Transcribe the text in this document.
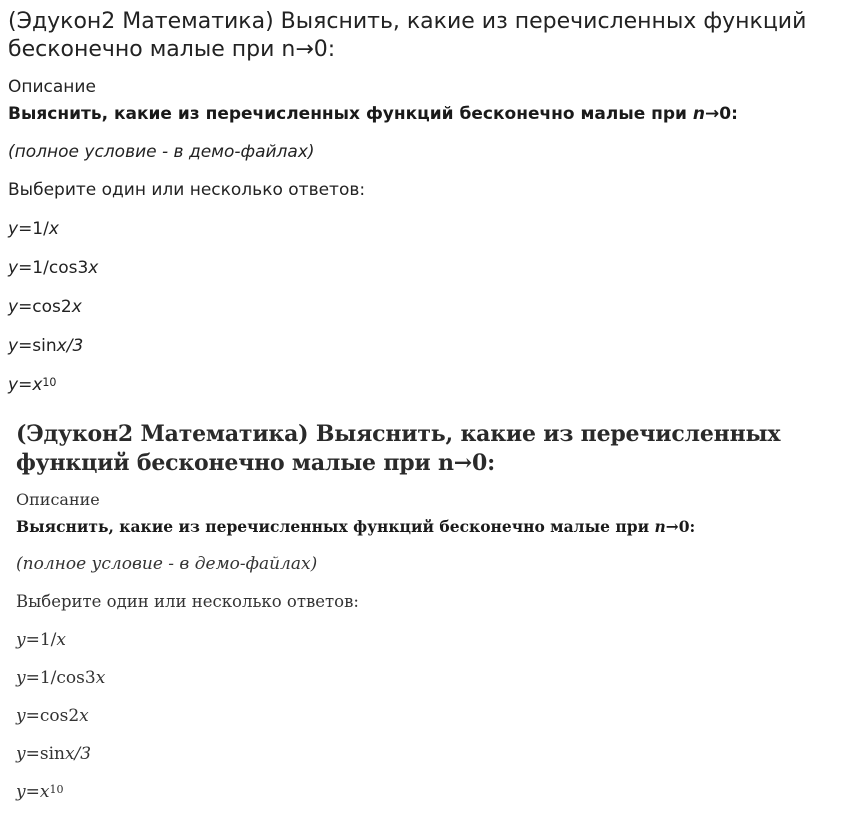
(Эдукон2 Математика) Выяснить, какие из перечисленных функций бесконечно малые при n→0:

Описание

Выяснить, какие из перечисленных функций бесконечно малые при n→0:

(полное условие - в демо-файлах)

Выберите один или несколько ответов:

y=1/x
y=1/cos3x
y=cos2x
y=sinx/3
$y=x^{10}$
(Эдукон2 Математика) Выяснить, какие из перечисленных функций бесконечно малые при n→0:

Описание

Выяснить, какие из перечисленных функций бесконечно малые при n→0:

(полное условие - в демо-файлах)

Выберите один или несколько ответов:

y=1/x
y=1/cos3x
y=cos2x
y=sinx/3
$y=x^{10}$
